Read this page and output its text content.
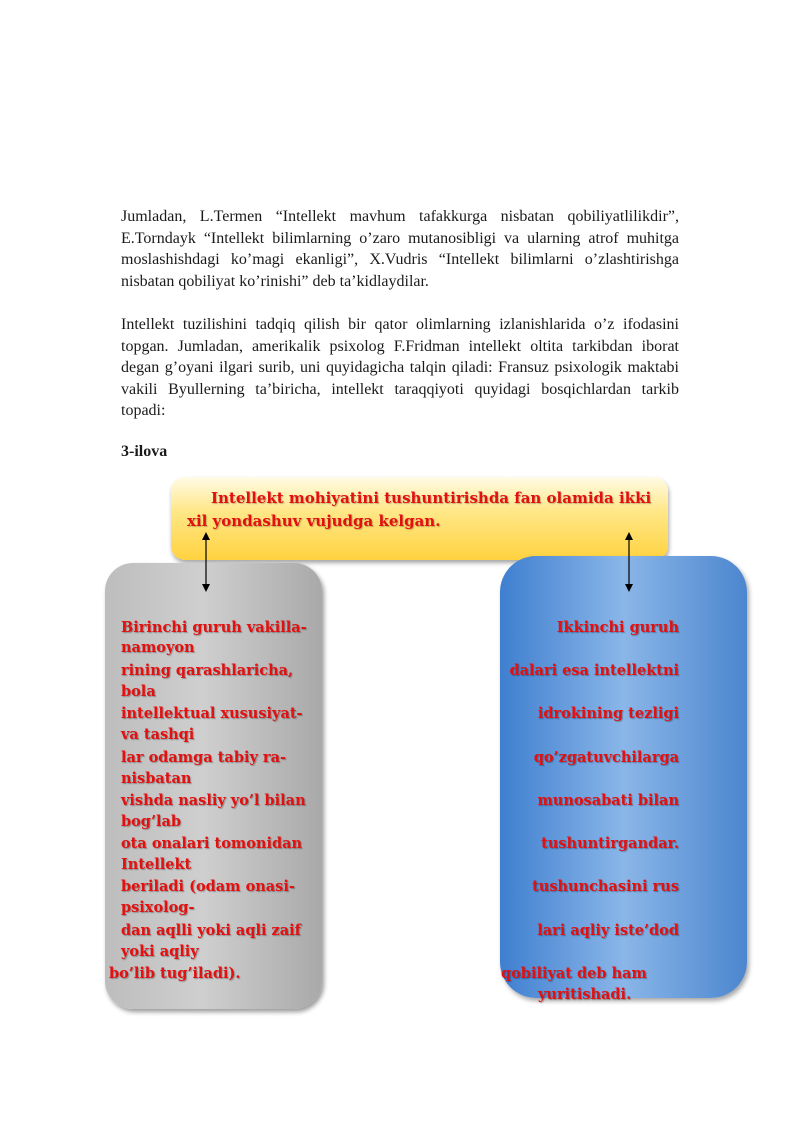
Jumladan, L.Termen “Intellekt mavhum tafakkurga nisbatan qobiliyatlilikdir”, E.Torndayk “Intellekt bilimlarning o’zaro mutanosibligi va ularning atrof muhitga moslashishdagi ko’magi ekanligi”, X.Vudris “Intellekt bilimlarni o’zlashtirishga nisbatan qobiliyat ko’rinishi” deb ta’kidlaydilar.

Intellekt tuzilishini tadqiq qilish bir qator olimlarning izlanishlarida o’z ifodasini topgan. Jumladan, amerikalik psixolog F.Fridman intellekt oltita tarkibdan iborat degan g’oyani ilgari surib, uni quyidagicha talqin qiladi: Fransuz psixologik maktabi vakili Byullerning ta’biricha, intellekt taraqqiyoti quyidagi bosqichlardan tarkib topadi:

3-ilova

Intellekt mohiyatini tushuntirishda fan olamida ikki xil yondashuv vujudga kelgan.

Birinchi guruh vakilla-

namoyon

rining qarashlaricha,

bola

intellektual xususiyat-

va tashqi

lar odamga tabiy ra-

nisbatan

vishda nasliy yo’l bilan

bog’lab

ota onalari tomonidan

Intellekt

beriladi (odam onasi-

psixolog-

dan aqlli yoki aqli zaif

yoki aqliy

bo’lib tug’iladi).

Ikkinchi guruh

dalari esa intellektni

idrokining tezligi

qo’zgatuvchilarga

munosabati bilan

tushuntirgandar.

tushunchasini rus

lari aqliy iste’dod

qobiliyat deb ham

yuritishadi.
